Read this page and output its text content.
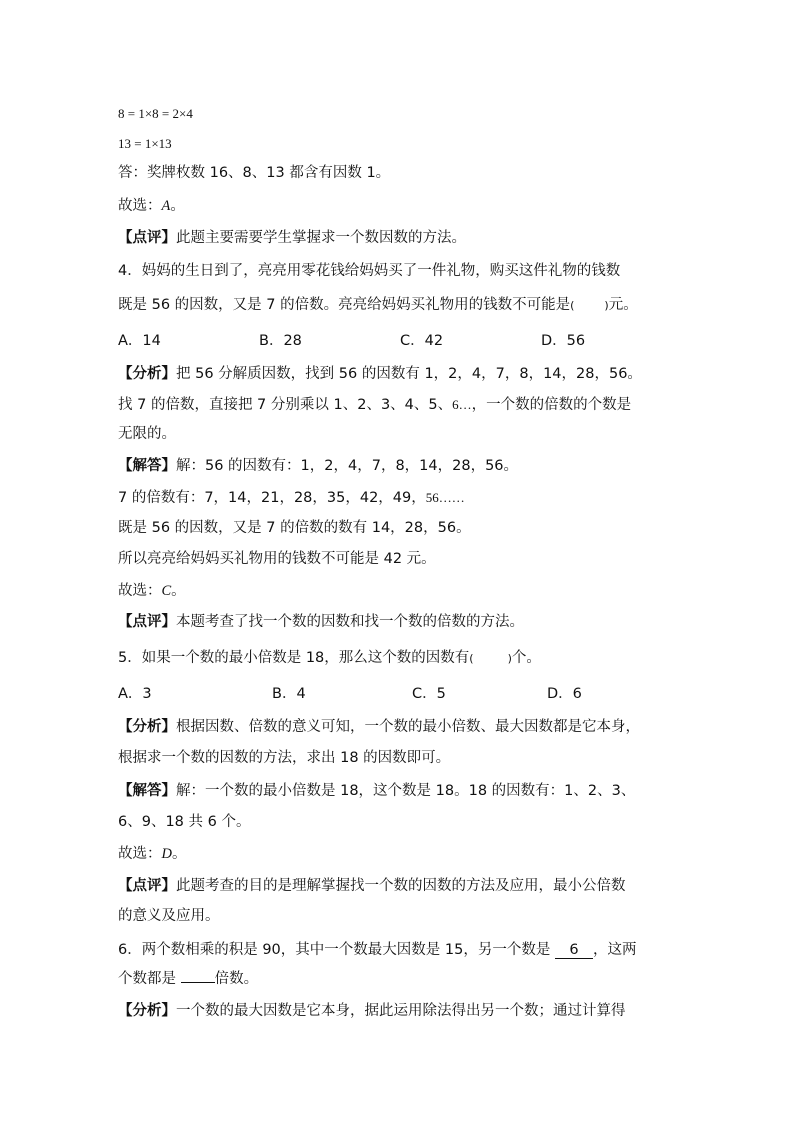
8 = 1×8 = 2×4
13 = 1×13
答：奖牌枚数 16、8、13 都含有因数 1。
故选：A。
【点评】此题主要需要学生掌握求一个数因数的方法。
4．妈妈的生日到了，亮亮用零花钱给妈妈买了一件礼物，购买这件礼物的钱数
既是 56 的因数，又是 7 的倍数。亮亮给妈妈买礼物用的钱数不可能是(	)元。
A．14	B．28	C．42	D．56
【分析】把 56 分解质因数，找到 56 的因数有 1，2，4，7，8，14，28，56。
找 7 的倍数，直接把 7 分别乘以 1、2、3、4、5、6…，一个数的倍数的个数是
无限的。
【解答】解：56 的因数有：1，2，4，7，8，14，28，56。
7 的倍数有：7，14，21，28，35，42，49，56……
既是 56 的因数，又是 7 的倍数的数有 14，28，56。
所以亮亮给妈妈买礼物用的钱数不可能是 42 元。
故选：C。
【点评】本题考查了找一个数的因数和找一个数的倍数的方法。
5．如果一个数的最小倍数是 18，那么这个数的因数有(	)个。
A．3	B．4	C．5	D．6
【分析】根据因数、倍数的意义可知，一个数的最小倍数、最大因数都是它本身，
根据求一个数的因数的方法，求出 18 的因数即可。
【解答】解：一个数的最小倍数是 18，这个数是 18。18 的因数有：1、2、3、
6、9、18 共 6 个。
故选：D。
【点评】此题考查的目的是理解掌握找一个数的因数的方法及应用，最小公倍数
的意义及应用。
6．两个数相乘的积是 90，其中一个数最大因数是 15，另一个数是 6 ，这两
个数都是	倍数。
【分析】一个数的最大因数是它本身，据此运用除法得出另一个数；通过计算得
